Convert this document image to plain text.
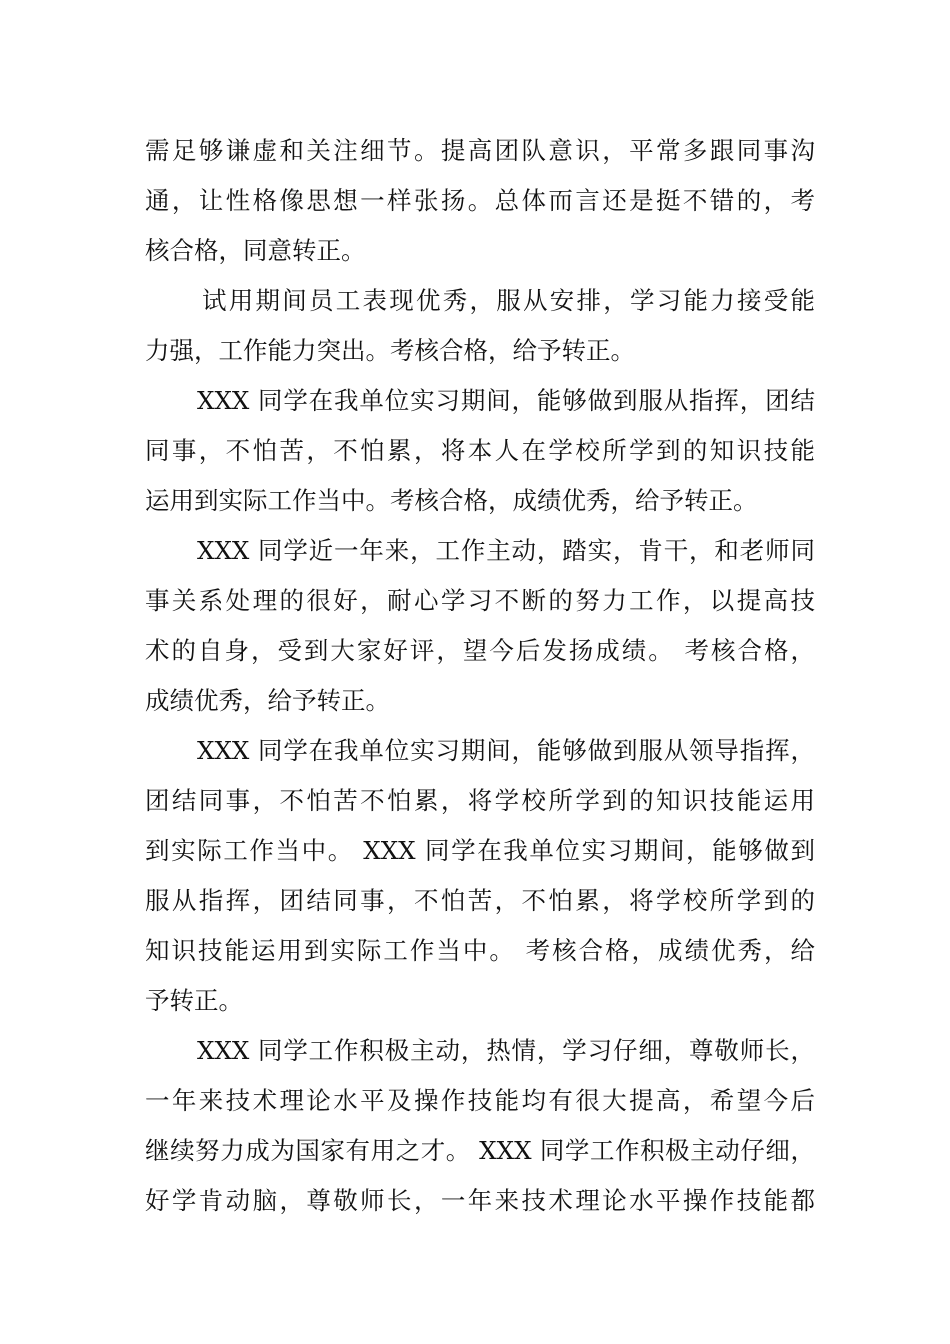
需足够谦虚和关注细节。提高团队意识，平常多跟同事沟
通，让性格像思想一样张扬。总体而言还是挺不错的，考
核合格，同意转正。

试用期间员工表现优秀，服从安排，学习能力接受能
力强，工作能力突出。考核合格，给予转正。

XXX 同学在我单位实习期间，能够做到服从指挥，团结
同事，不怕苦，不怕累，将本人在学校所学到的知识技能
运用到实际工作当中。考核合格，成绩优秀，给予转正。

XXX 同学近一年来，工作主动，踏实，肯干，和老师同
事关系处理的很好，耐心学习不断的努力工作，以提高技
术的自身，受到大家好评，望今后发扬成绩。 考核合格，
成绩优秀，给予转正。

XXX 同学在我单位实习期间，能够做到服从领导指挥，
团结同事，不怕苦不怕累，将学校所学到的知识技能运用
到实际工作当中。 XXX 同学在我单位实习期间，能够做到
服从指挥，团结同事，不怕苦，不怕累，将学校所学到的
知识技能运用到实际工作当中。 考核合格，成绩优秀，给
予转正。

XXX 同学工作积极主动，热情，学习仔细，尊敬师长，
一年来技术理论水平及操作技能均有很大提高，希望今后
继续努力成为国家有用之才。 XXX 同学工作积极主动仔细，
好学肯动脑，尊敬师长，一年来技术理论水平操作技能都
